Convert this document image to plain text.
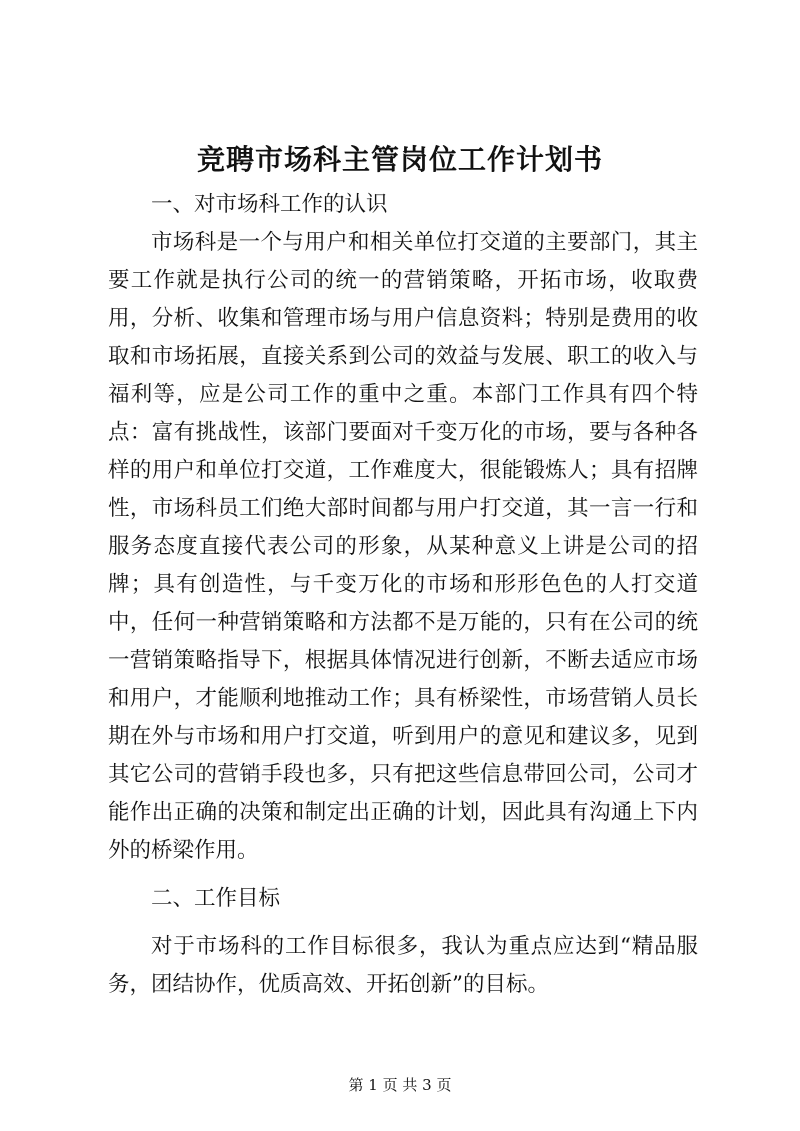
竞聘市场科主管岗位工作计划书

一、对市场科工作的认识

市场科是一个与用户和相关单位打交道的主要部门，其主要工作就是执行公司的统一的营销策略，开拓市场，收取费用，分析、收集和管理市场与用户信息资料；特别是费用的收取和市场拓展，直接关系到公司的效益与发展、职工的收入与福利等，应是公司工作的重中之重。本部门工作具有四个特点：富有挑战性，该部门要面对千变万化的市场，要与各种各样的用户和单位打交道，工作难度大，很能锻炼人；具有招牌性，市场科员工们绝大部时间都与用户打交道，其一言一行和服务态度直接代表公司的形象，从某种意义上讲是公司的招牌；具有创造性，与千变万化的市场和形形色色的人打交道中，任何一种营销策略和方法都不是万能的，只有在公司的统一营销策略指导下，根据具体情况进行创新，不断去适应市场和用户，才能顺利地推动工作；具有桥梁性，市场营销人员长期在外与市场和用户打交道，听到用户的意见和建议多，见到其它公司的营销手段也多，只有把这些信息带回公司，公司才能作出正确的决策和制定出正确的计划，因此具有沟通上下内外的桥梁作用。

二、工作目标

对于市场科的工作目标很多，我认为重点应达到“精品服务，团结协作，优质高效、开拓创新”的目标。

第 1 页 共 3 页
